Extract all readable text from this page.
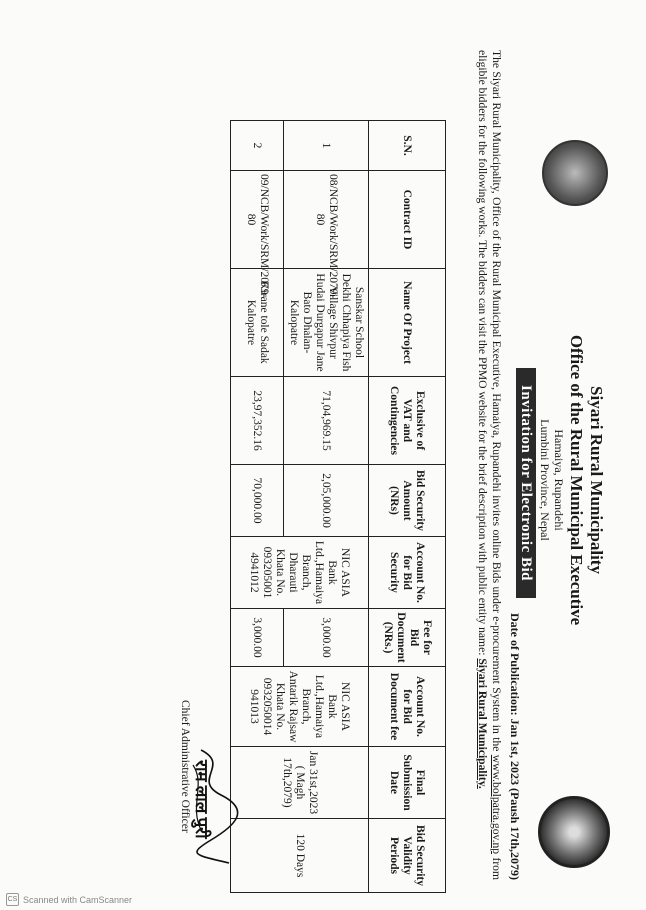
Siyari Rural Municipality
Office of the Rural Municipal Executive
Hamaiya, Rupandehi
Lumbini Province, Nepal
Invitation for Electronic Bid
Date of Publication: Jan 1st, 2023 (Paush 17th,2079)
The Siyari Rural Municipality, Office of the Rural Municipal Executive, Hamaiya, Rupandehi invites online Bids under e-procurement System in the www.bolpatra.gov.np from eligible bidders for the following works. The bidders can visit the PPMO website for the brief description with public entity name: Siyari Rural Municipality.
S.N.	Contract ID	Name Of Project	Exclusive of VAT and Contingencies	Bid Security Amount (NRs)	Account No. for Bid Security	Fee for Bid Document (NRs.)	Account No. for Bid Document fee	Final Submission Date	Bid Security Validity Periods
1	08/NCB/Work/SRM/2079-80	Sanskar School Dekhi Chhapiya Fish Village Shivpur Hudai Durgapur Jane Bato Dhalan- Kalopatre	71,04,969.15	2,05,000.00	NIC ASIA Bank Ltd.,Hamaiya Branch, Dharauti Khata No. 093205001 4941012	3,000.00	NIC ASIA Bank Ltd.,Hamaiya Branch, Antarik Rajsaw Khata No. 0932050014 941013	Jan 31st,2023 ( Magh 17th,2079)	120 Days
2	09/NCB/Work/SRM/2079-80	Kirane tole Sadak Kalopatre	23,97,352.16	70,000.00		3,000.00			
राम लाल पुरी
Chief Administrative Officer
CS Scanned with CamScanner
